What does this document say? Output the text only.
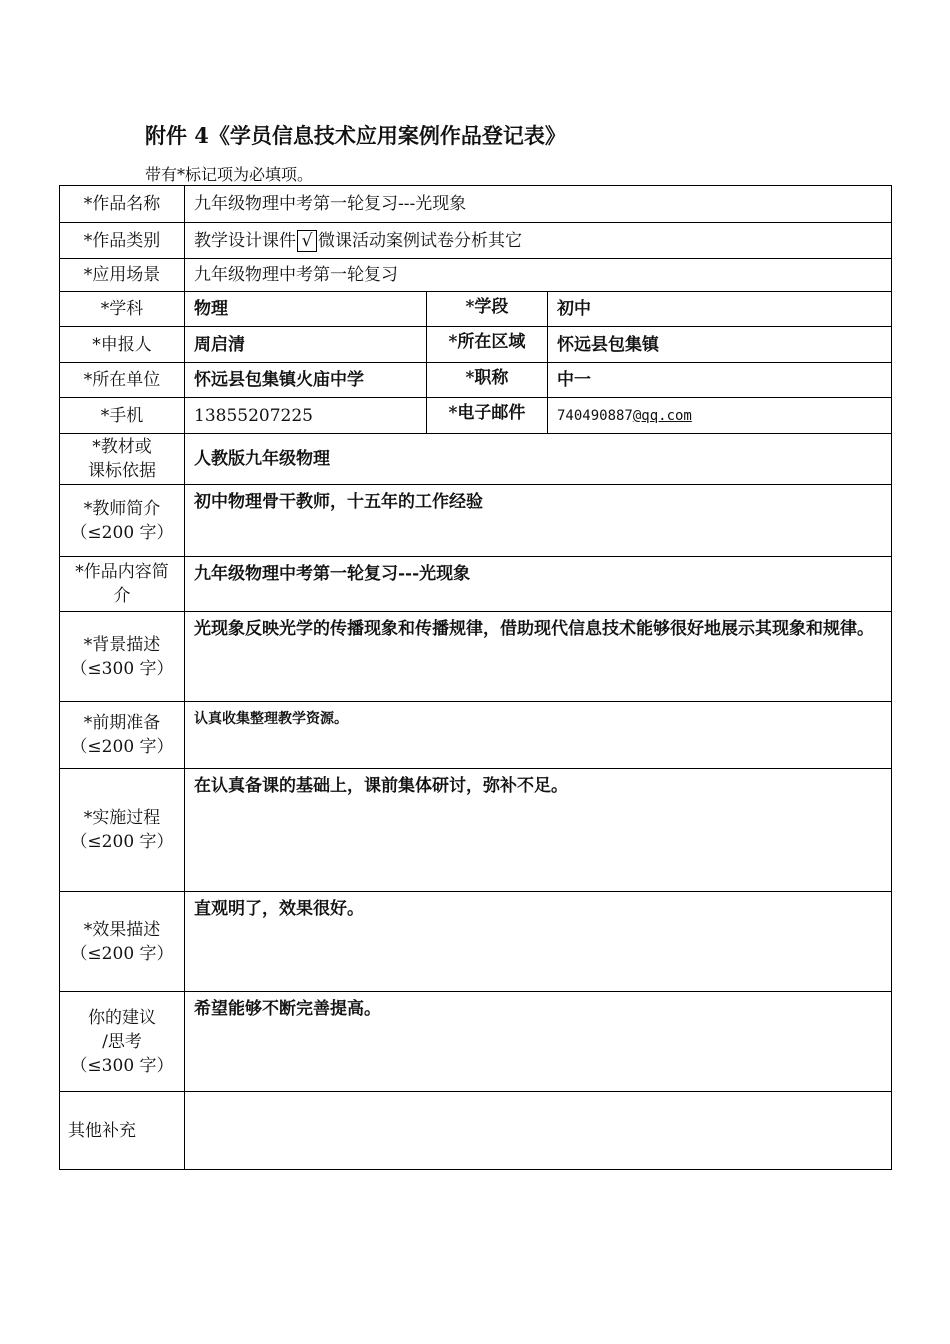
附件 4《学员信息技术应用案例作品登记表》
带有*标记项为必填项。
*作品名称	九年级物理中考第一轮复习---光现象		
*作品类别	教学设计课件 √ 微课活动案例试卷分析其它		
*应用场景	九年级物理中考第一轮复习		
*学科	物理	*学段	初中
*申报人	周启清	*所在区域	怀远县包集镇
*所在单位	怀远县包集镇火庙中学	*职称	中一
*手机	13855207225	*电子邮件	740490887@qq.com

*教材或
课标依据	人教版九年级物理		

*教师简介
（≤200 字）	初中物理骨干教师，十五年的工作经验		

*作品内容简
介	九年级物理中考第一轮复习---光现象		

*背景描述
（≤300 字）	光现象反映光学的传播现象和传播规律，借助现代信息技术能够很好地展示其现象和规律。		

*前期准备
（≤200 字）	认真收集整理教学资源。		

*实施过程
（≤200 字）	在认真备课的基础上，课前集体研讨，弥补不足。		

*效果描述
（≤200 字）	直观明了，效果很好。		

你的建议
/思考
（≤300 字）	希望能够不断完善提高。		
其他补充			
